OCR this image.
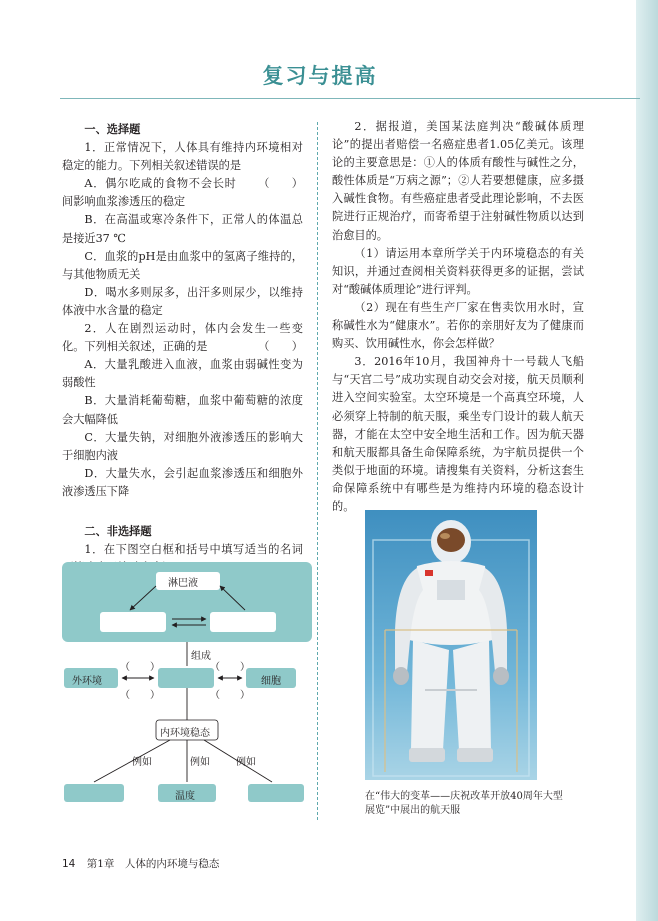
复习与提高

一、选择题

1．正常情况下，人体具有维持内环境相对稳定的能力。下列相关叙述错误的是
（　　）

A．偶尔吃咸的食物不会长时间影响血浆渗透压的稳定

B．在高温或寒冷条件下，正常人的体温总是接近37 ℃

C．血浆的pH是由血浆中的氢离子维持的，与其他物质无关

D．喝水多则尿多，出汗多则尿少，以维持体液中水含量的稳定

2．人在剧烈运动时，体内会发生一些变化。下列相关叙述，正确的是	（　　）

A．大量乳酸进入血液，血浆由弱碱性变为弱酸性

B．大量消耗葡萄糖，血浆中葡萄糖的浓度会大幅降低

C．大量失钠，对细胞外液渗透压的影响大于细胞内液

D．大量失水，会引起血浆渗透压和细胞外液渗透压下降

二、非选择题

1．在下图空白框和括号中填写适当的名词

淋巴液
组成
（　　）	（　　）
（　　）	（　　）
外环境	细胞
内环境稳态
例如	例如	例如
温度

2．据报道，美国某法庭判决“酸碱体质理论”的提出者赔偿一名癌症患者1.05亿美元。该理论的主要意思是：①人的体质有酸性与碱性之分，酸性体质是“万病之源”；②人若要想健康，应多摄入碱性食物。有些癌症患者受此理论影响，不去医院进行正规治疗，而寄希望于注射碱性物质以达到治愈目的。

（1）请运用本章所学关于内环境稳态的有关知识，并通过查阅相关资料获得更多的证据，尝试对“酸碱体质理论”进行评判。

（2）现在有些生产厂家在售卖饮用水时，宣称碱性水为“健康水”。若你的亲朋好友为了健康而购买、饮用碱性水，你会怎样做？

3．2016年10月，我国神舟十一号载人飞船与“天宫二号”成功实现自动交会对接，航天员顺利进入空间实验室。太空环境是一个高真空环境，人必须穿上特制的航天服，乘坐专门设计的载人航天器，才能在太空中安全地生活和工作。因为航天器和航天服都具备生命保障系统，为宇航员提供一个类似于地面的环境。请搜集有关资料，分析这套生命保障系统中有哪些是为维持内环境的稳态设计的。

在“伟大的变革——庆祝改革开放40周年大型展览”中展出的航天服
14 第1章　人体的内环境与稳态
